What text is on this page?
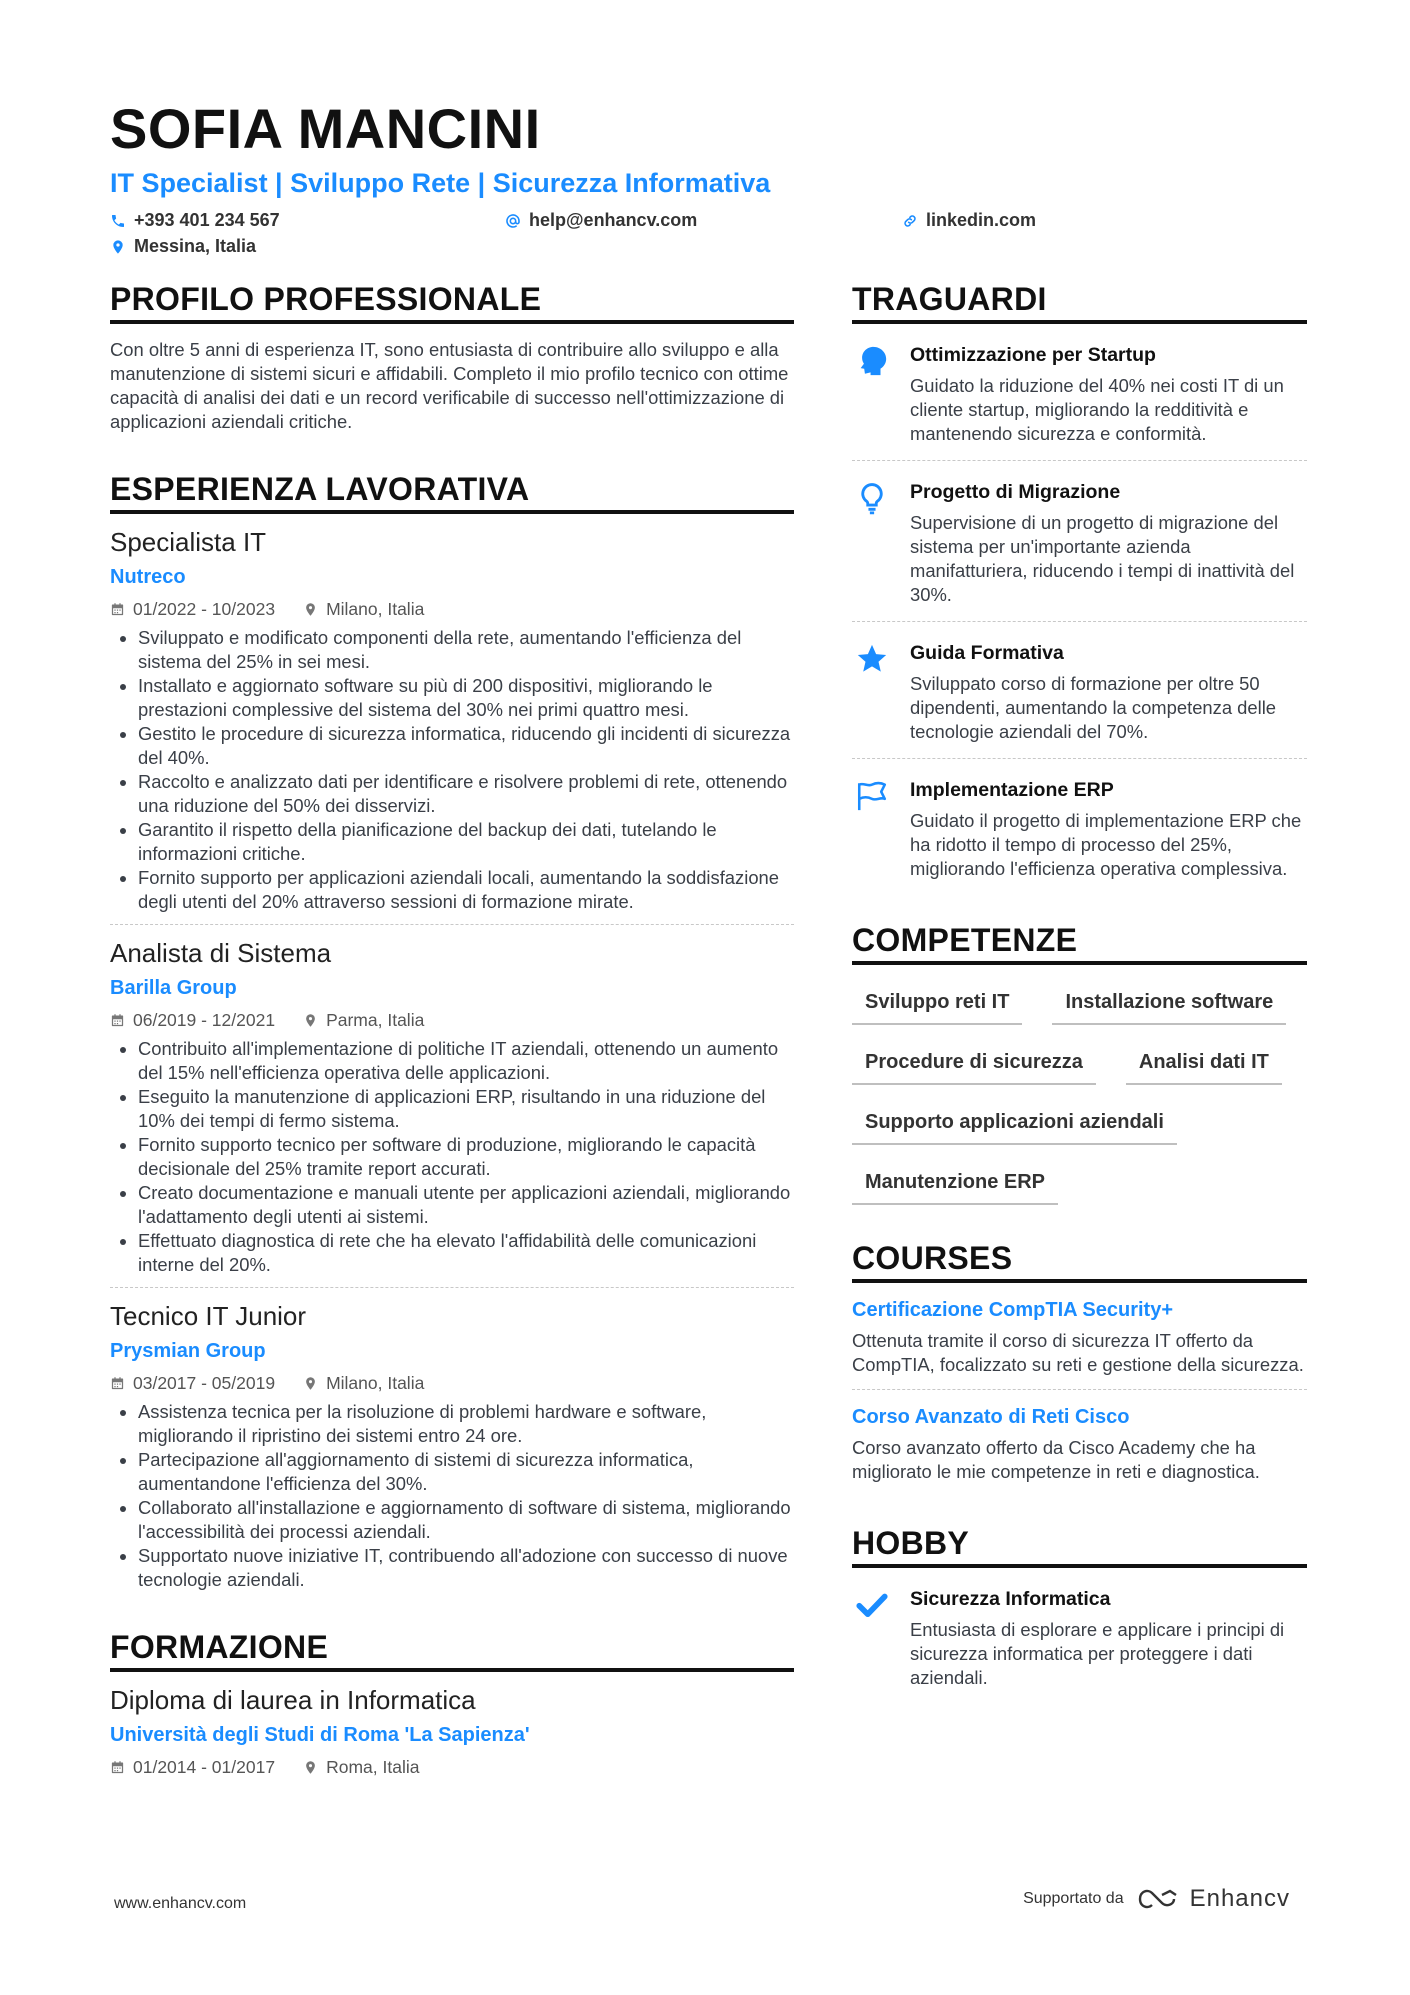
SOFIA MANCINI
IT Specialist | Sviluppo Rete | Sicurezza Informativa
+393 401 234 567	help@enhancv.com	linkedin.com
Messina, Italia
PROFILO PROFESSIONALE
Con oltre 5 anni di esperienza IT, sono entusiasta di contribuire allo sviluppo e alla manutenzione di sistemi sicuri e affidabili. Completo il mio profilo tecnico con ottime capacità di analisi dei dati e un record verificabile di successo nell'ottimizzazione di applicazioni aziendali critiche.
ESPERIENZA LAVORATIVA
Specialista IT
Nutreco
01/2022 - 10/2023	Milano, Italia
Sviluppato e modificato componenti della rete, aumentando l'efficienza del sistema del 25% in sei mesi.
Installato e aggiornato software su più di 200 dispositivi, migliorando le prestazioni complessive del sistema del 30% nei primi quattro mesi.
Gestito le procedure di sicurezza informatica, riducendo gli incidenti di sicurezza del 40%.
Raccolto e analizzato dati per identificare e risolvere problemi di rete, ottenendo una riduzione del 50% dei disservizi.
Garantito il rispetto della pianificazione del backup dei dati, tutelando le informazioni critiche.
Fornito supporto per applicazioni aziendali locali, aumentando la soddisfazione degli utenti del 20% attraverso sessioni di formazione mirate.
Analista di Sistema
Barilla Group
06/2019 - 12/2021	Parma, Italia
Contribuito all'implementazione di politiche IT aziendali, ottenendo un aumento del 15% nell'efficienza operativa delle applicazioni.
Eseguito la manutenzione di applicazioni ERP, risultando in una riduzione del 10% dei tempi di fermo sistema.
Fornito supporto tecnico per software di produzione, migliorando le capacità decisionale del 25% tramite report accurati.
Creato documentazione e manuali utente per applicazioni aziendali, migliorando l'adattamento degli utenti ai sistemi.
Effettuato diagnostica di rete che ha elevato l'affidabilità delle comunicazioni interne del 20%.
Tecnico IT Junior
Prysmian Group
03/2017 - 05/2019	Milano, Italia
Assistenza tecnica per la risoluzione di problemi hardware e software, migliorando il ripristino dei sistemi entro 24 ore.
Partecipazione all'aggiornamento di sistemi di sicurezza informatica, aumentandone l'efficienza del 30%.
Collaborato all'installazione e aggiornamento di software di sistema, migliorando l'accessibilità dei processi aziendali.
Supportato nuove iniziative IT, contribuendo all'adozione con successo di nuove tecnologie aziendali.
FORMAZIONE
Diploma di laurea in Informatica
Università degli Studi di Roma 'La Sapienza'
01/2014 - 01/2017	Roma, Italia
TRAGUARDI
Ottimizzazione per Startup
Guidato la riduzione del 40% nei costi IT di un cliente startup, migliorando la redditività e mantenendo sicurezza e conformità.
Progetto di Migrazione
Supervisione di un progetto di migrazione del sistema per un'importante azienda manifatturiera, riducendo i tempi di inattività del 30%.
Guida Formativa
Sviluppato corso di formazione per oltre 50 dipendenti, aumentando la competenza delle tecnologie aziendali del 70%.
Implementazione ERP
Guidato il progetto di implementazione ERP che ha ridotto il tempo di processo del 25%, migliorando l'efficienza operativa complessiva.
COMPETENZE
Sviluppo reti IT	Installazione software
Procedure di sicurezza	Analisi dati IT
Supporto applicazioni aziendali
Manutenzione ERP
COURSES
Certificazione CompTIA Security+
Ottenuta tramite il corso di sicurezza IT offerto da CompTIA, focalizzato su reti e gestione della sicurezza.
Corso Avanzato di Reti Cisco
Corso avanzato offerto da Cisco Academy che ha migliorato le mie competenze in reti e diagnostica.
HOBBY
Sicurezza Informatica
Entusiasta di esplorare e applicare i principi di sicurezza informatica per proteggere i dati aziendali.
www.enhancv.com	Supportato da	Enhancv
